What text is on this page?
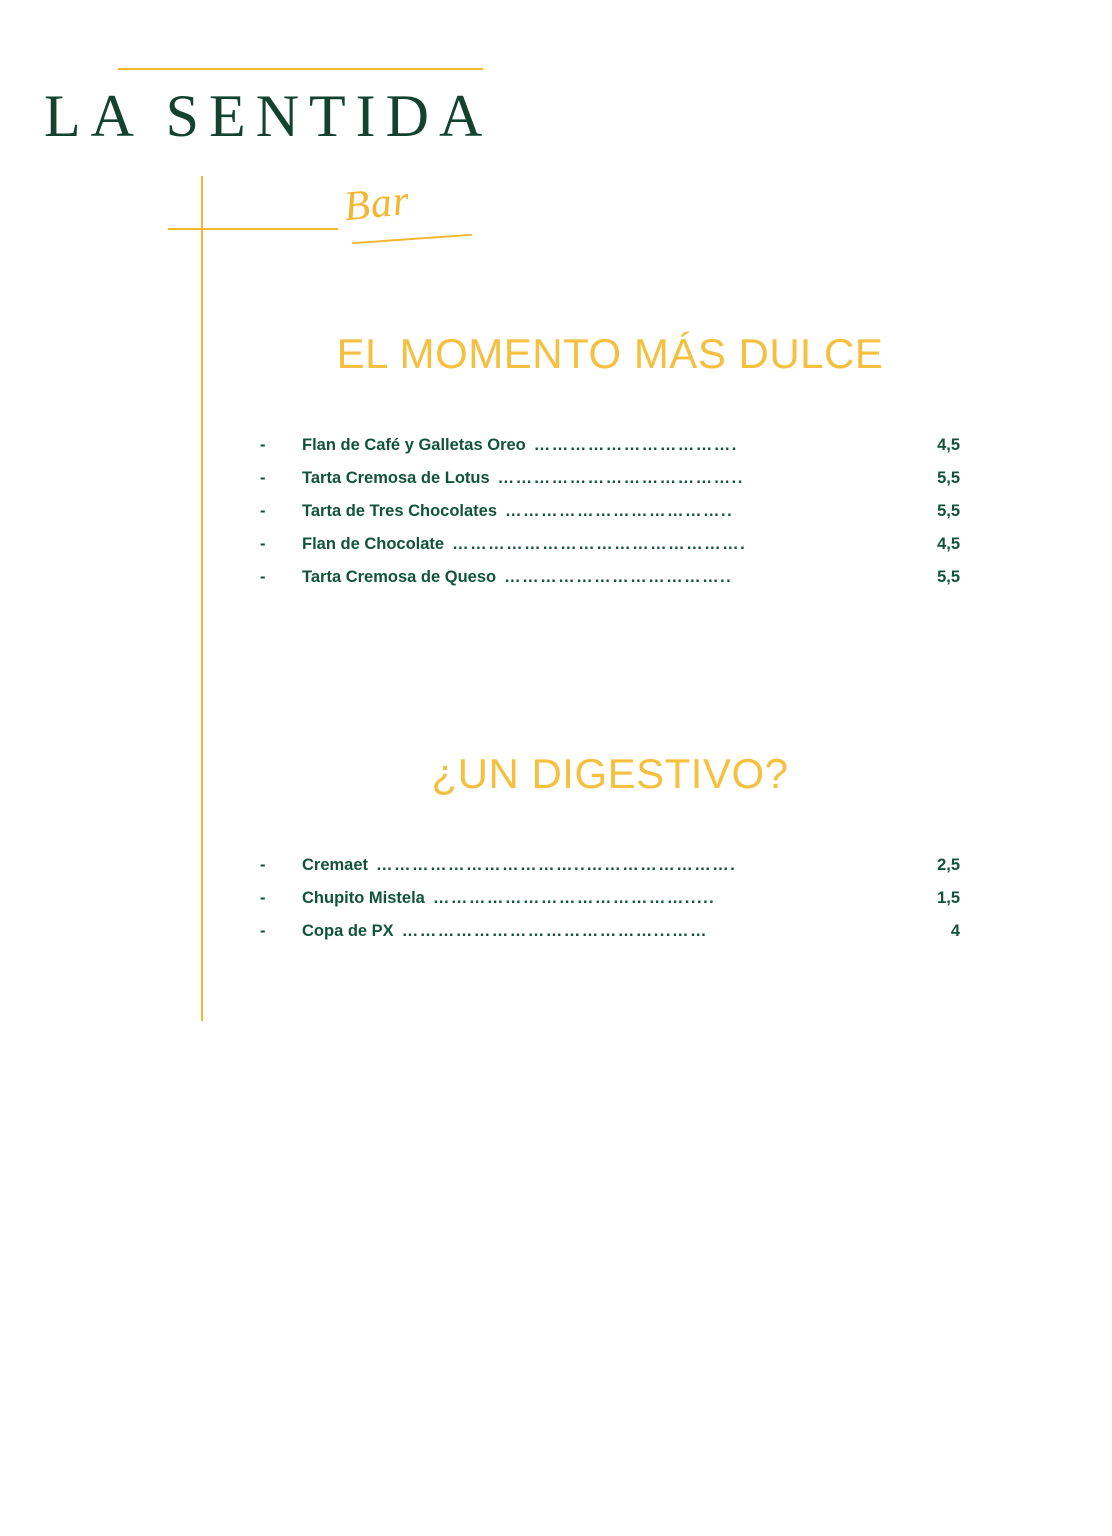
LA SENTIDA
Bar
EL MOMENTO MÁS DULCE
-	Flan de Café y Galletas Oreo …………………………….	4,5
-	Tarta Cremosa de Lotus …………………………………..	5,5
-	Tarta de Tres Chocolates ………………………………..	5,5
-	Flan de Chocolate ………………………………………….	4,5
-	Tarta Cremosa de Queso ………………………………..	5,5
¿UN DIGESTIVO?
-	Cremaet ……………………………..…………………….	2,5
-	Chupito Mistela …………………………………….....	1,5
-	Copa de PX ……………………………………...……	4
